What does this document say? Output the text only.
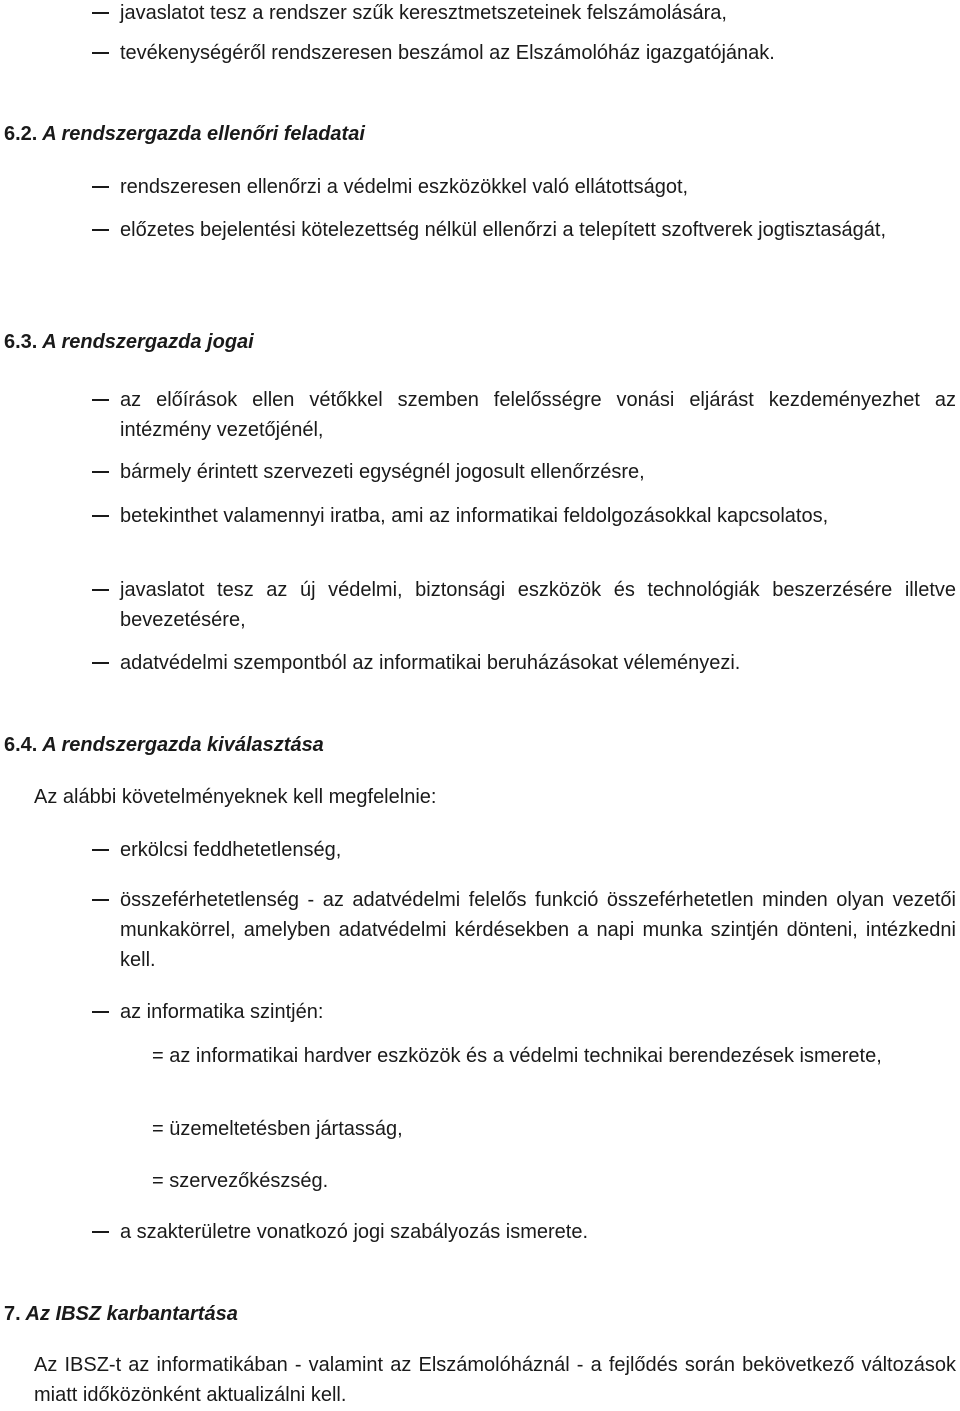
javaslatot tesz a rendszer szűk keresztmetszeteinek felszámolására,
tevékenységéről rendszeresen beszámol az Elszámolóház igazgatójának.
6.2. A rendszergazda ellenőri feladatai
rendszeresen ellenőrzi a védelmi eszközökkel való ellátottságot,
előzetes bejelentési kötelezettség nélkül ellenőrzi a telepített szoftverek jogtisztaságát,
6.3. A rendszergazda jogai
az előírások ellen vétőkkel szemben felelősségre vonási eljárást kezdeményezhet az intézmény vezetőjénél,
bármely érintett szervezeti egységnél jogosult ellenőrzésre,
betekinthet valamennyi iratba, ami az informatikai feldolgozásokkal kapcsolatos,
javaslatot tesz az új védelmi, biztonsági eszközök és technológiák beszerzésére illetve bevezetésére,
adatvédelmi szempontból az informatikai beruházásokat véleményezi.
6.4. A rendszergazda kiválasztása
Az alábbi követelményeknek kell megfelelnie:
erkölcsi feddhetetlenség,
összeférhetetlenség - az adatvédelmi felelős funkció összeférhetetlen minden olyan vezetői munkakörrel, amelyben adatvédelmi kérdésekben a napi munka szintjén dönteni, intézkedni kell.
az informatika szintjén:
= az informatikai hardver eszközök és a védelmi technikai berendezések ismerete,
= üzemeltetésben jártasság,
= szervezőkészség.
a szakterületre vonatkozó jogi szabályozás ismerete.
7. Az IBSZ karbantartása
Az IBSZ-t az informatikában - valamint az Elszámolóháznál - a fejlődés során bekövetkező változások miatt időközönként aktualizálni kell.
